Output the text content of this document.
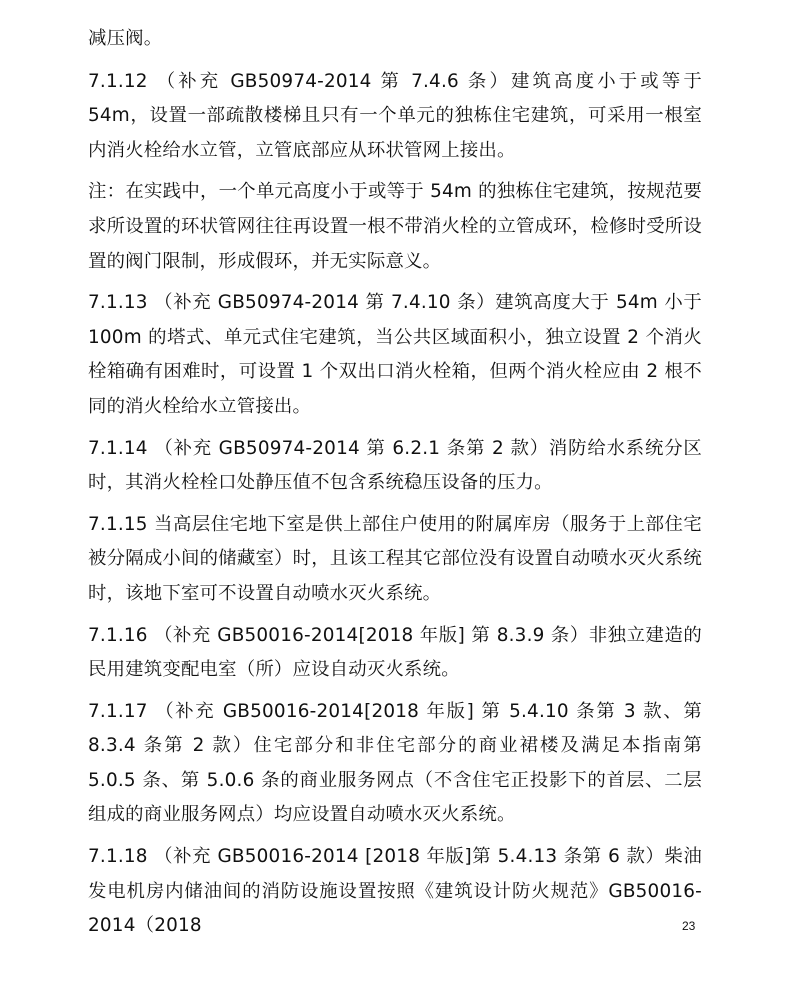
减压阀。

7.1.12 （补充 GB50974-2014 第 7.4.6 条）建筑高度小于或等于 54m，设置一部疏散楼梯且只有一个单元的独栋住宅建筑，可采用一根室内消火栓给水立管，立管底部应从环状管网上接出。

注：在实践中，一个单元高度小于或等于 54m 的独栋住宅建筑，按规范要求所设置的环状管网往往再设置一根不带消火栓的立管成环，检修时受所设置的阀门限制，形成假环，并无实际意义。

7.1.13 （补充 GB50974-2014 第 7.4.10 条）建筑高度大于 54m 小于 100m 的塔式、单元式住宅建筑，当公共区域面积小，独立设置 2 个消火栓箱确有困难时，可设置 1 个双出口消火栓箱，但两个消火栓应由 2 根不同的消火栓给水立管接出。

7.1.14 （补充 GB50974-2014 第 6.2.1 条第 2 款）消防给水系统分区时，其消火栓栓口处静压值不包含系统稳压设备的压力。

7.1.15 当高层住宅地下室是供上部住户使用的附属库房（服务于上部住宅被分隔成小间的储藏室）时，且该工程其它部位没有设置自动喷水灭火系统时，该地下室可不设置自动喷水灭火系统。

7.1.16 （补充 GB50016-2014[2018 年版] 第 8.3.9 条）非独立建造的民用建筑变配电室（所）应设自动灭火系统。

7.1.17 （补充 GB50016-2014[2018 年版] 第 5.4.10 条第 3 款、第 8.3.4 条第 2 款）住宅部分和非住宅部分的商业裙楼及满足本指南第 5.0.5 条、第 5.0.6 条的商业服务网点（不含住宅正投影下的首层、二层组成的商业服务网点）均应设置自动喷水灭火系统。

7.1.18 （补充 GB50016-2014 [2018 年版]第 5.4.13 条第 6 款）柴油发电机房内储油间的消防设施设置按照《建筑设计防火规范》GB50016-2014（2018	23
